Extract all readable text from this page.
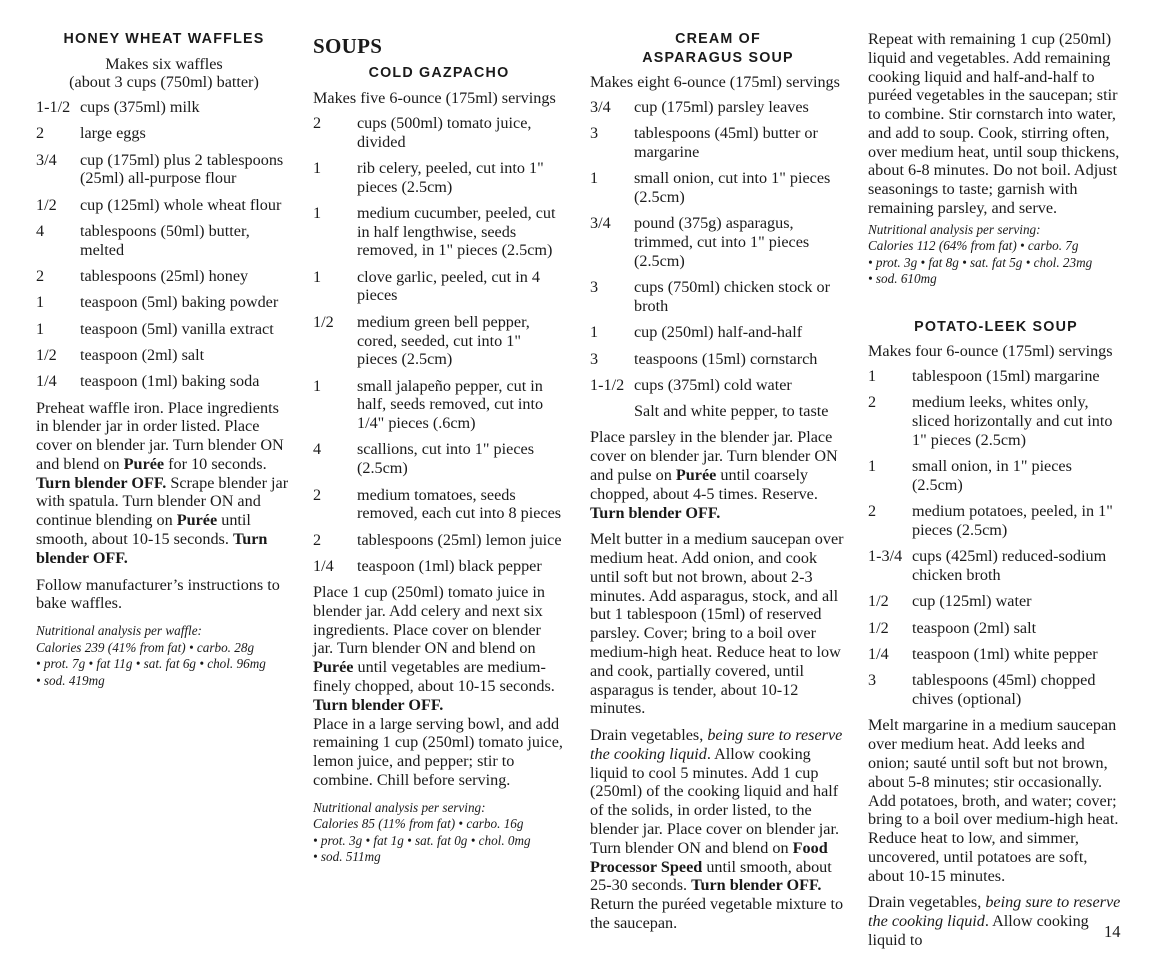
HONEY WHEAT WAFFLES
Makes six waffles
(about 3 cups (750ml) batter)
1-1/2 cups (375ml) milk
2	large eggs
3/4	cup (175ml) plus 2 tablespoons (25ml) all-purpose flour
1/2	cup (125ml) whole wheat flour
4	tablespoons (50ml) butter, melted
2	tablespoons (25ml) honey
1	teaspoon (5ml) baking powder
1	teaspoon (5ml) vanilla extract
1/2	teaspoon (2ml) salt
1/4	teaspoon (1ml) baking soda

Preheat waffle iron. Place ingredients in blender jar in order listed. Place cover on blender jar. Turn blender ON and blend on Purée for 10 seconds. Turn blender OFF. Scrape blender jar with spatula. Turn blender ON and continue blending on Purée until smooth, about 10-15 seconds. Turn blender OFF.

Follow manufacturer’s instructions to bake waffles.

Nutritional analysis per waffle:
Calories 239 (41% from fat) • carbo. 28g
• prot. 7g • fat 11g • sat. fat 6g • chol. 96mg
• sod. 419mg
SOUPS
COLD GAZPACHO
Makes five 6-ounce (175ml) servings
2	cups (500ml) tomato juice, divided
1	rib celery, peeled, cut into 1" pieces (2.5cm)
1	medium cucumber, peeled, cut in half lengthwise, seeds removed, in 1" pieces (2.5cm)
1	clove garlic, peeled, cut in 4 pieces
1/2	medium green bell pepper, cored, seeded, cut into 1" pieces (2.5cm)
1	small jalapeño pepper, cut in half, seeds removed, cut into 1/4" pieces (.6cm)
4	scallions, cut into 1" pieces (2.5cm)
2	medium tomatoes, seeds removed, each cut into 8 pieces
2	tablespoons (25ml) lemon juice
1/4	teaspoon (1ml) black pepper

Place 1 cup (250ml) tomato juice in blender jar. Add celery and next six ingredients. Place cover on blender jar. Turn blender ON and blend on Purée until vegetables are medium-finely chopped, about 10-15 seconds. Turn blender OFF.

Place in a large serving bowl, and add remaining 1 cup (250ml) tomato juice, lemon juice, and pepper; stir to combine. Chill before serving.

Nutritional analysis per serving:
Calories 85 (11% from fat) • carbo. 16g
• prot. 3g • fat 1g • sat. fat 0g • chol. 0mg
• sod. 511mg
CREAM OF
ASPARAGUS SOUP
Makes eight 6-ounce (175ml) servings
3/4	cup (175ml) parsley leaves
3	tablespoons (45ml) butter or margarine
1	small onion, cut into 1" pieces (2.5cm)
3/4	pound (375g) asparagus, trimmed, cut into 1" pieces (2.5cm)
3	cups (750ml) chicken stock or broth
1	cup (250ml) half-and-half
3	teaspoons (15ml) cornstarch
1-1/2 cups (375ml) cold water
Salt and white pepper, to taste

Place parsley in the blender jar. Place cover on blender jar. Turn blender ON and pulse on Purée until coarsely chopped, about 4-5 times. Reserve. Turn blender OFF.

Melt butter in a medium saucepan over medium heat. Add onion, and cook until soft but not brown, about 2-3 minutes. Add asparagus, stock, and all but 1 tablespoon (15ml) of reserved parsley. Cover; bring to a boil over medium-high heat. Reduce heat to low and cook, partially covered, until asparagus is tender, about 10-12 minutes.

Drain vegetables, being sure to reserve the cooking liquid. Allow cooking liquid to cool 5 minutes. Add 1 cup (250ml) of the cooking liquid and half of the solids, in order listed, to the blender jar. Place cover on blender jar. Turn blender ON and blend on Food Processor Speed until smooth, about 25-30 seconds. Turn blender OFF. Return the puréed vegetable mixture to the saucepan.

Repeat with remaining 1 cup (250ml) liquid and vegetables. Add remaining cooking liquid and half-and-half to puréed vegetables in the saucepan; stir to combine. Stir cornstarch into water, and add to soup. Cook, stirring often, over medium heat, until soup thickens, about 6-8 minutes. Do not boil. Adjust seasonings to taste; garnish with remaining parsley, and serve.

Nutritional analysis per serving:
Calories 112 (64% from fat) • carbo. 7g
• prot. 3g • fat 8g • sat. fat 5g • chol. 23mg
• sod. 610mg
POTATO-LEEK SOUP
Makes four 6-ounce (175ml) servings
1	tablespoon (15ml) margarine
2	medium leeks, whites only, sliced horizontally and cut into 1" pieces (2.5cm)
1	small onion, in 1" pieces (2.5cm)
2	medium potatoes, peeled, in 1" pieces (2.5cm)
1-3/4 cups (425ml) reduced-sodium chicken broth
1/2	cup (125ml) water
1/2	teaspoon (2ml) salt
1/4	teaspoon (1ml) white pepper
3	tablespoons (45ml) chopped chives (optional)

Melt margarine in a medium saucepan over medium heat. Add leeks and onion; sauté until soft but not brown, about 5-8 minutes; stir occasionally. Add potatoes, broth, and water; cover; bring to a boil over medium-high heat. Reduce heat to low, and simmer, uncovered, until potatoes are soft, about 10-15 minutes.

Drain vegetables, being sure to reserve the cooking liquid. Allow cooking liquid to	14
